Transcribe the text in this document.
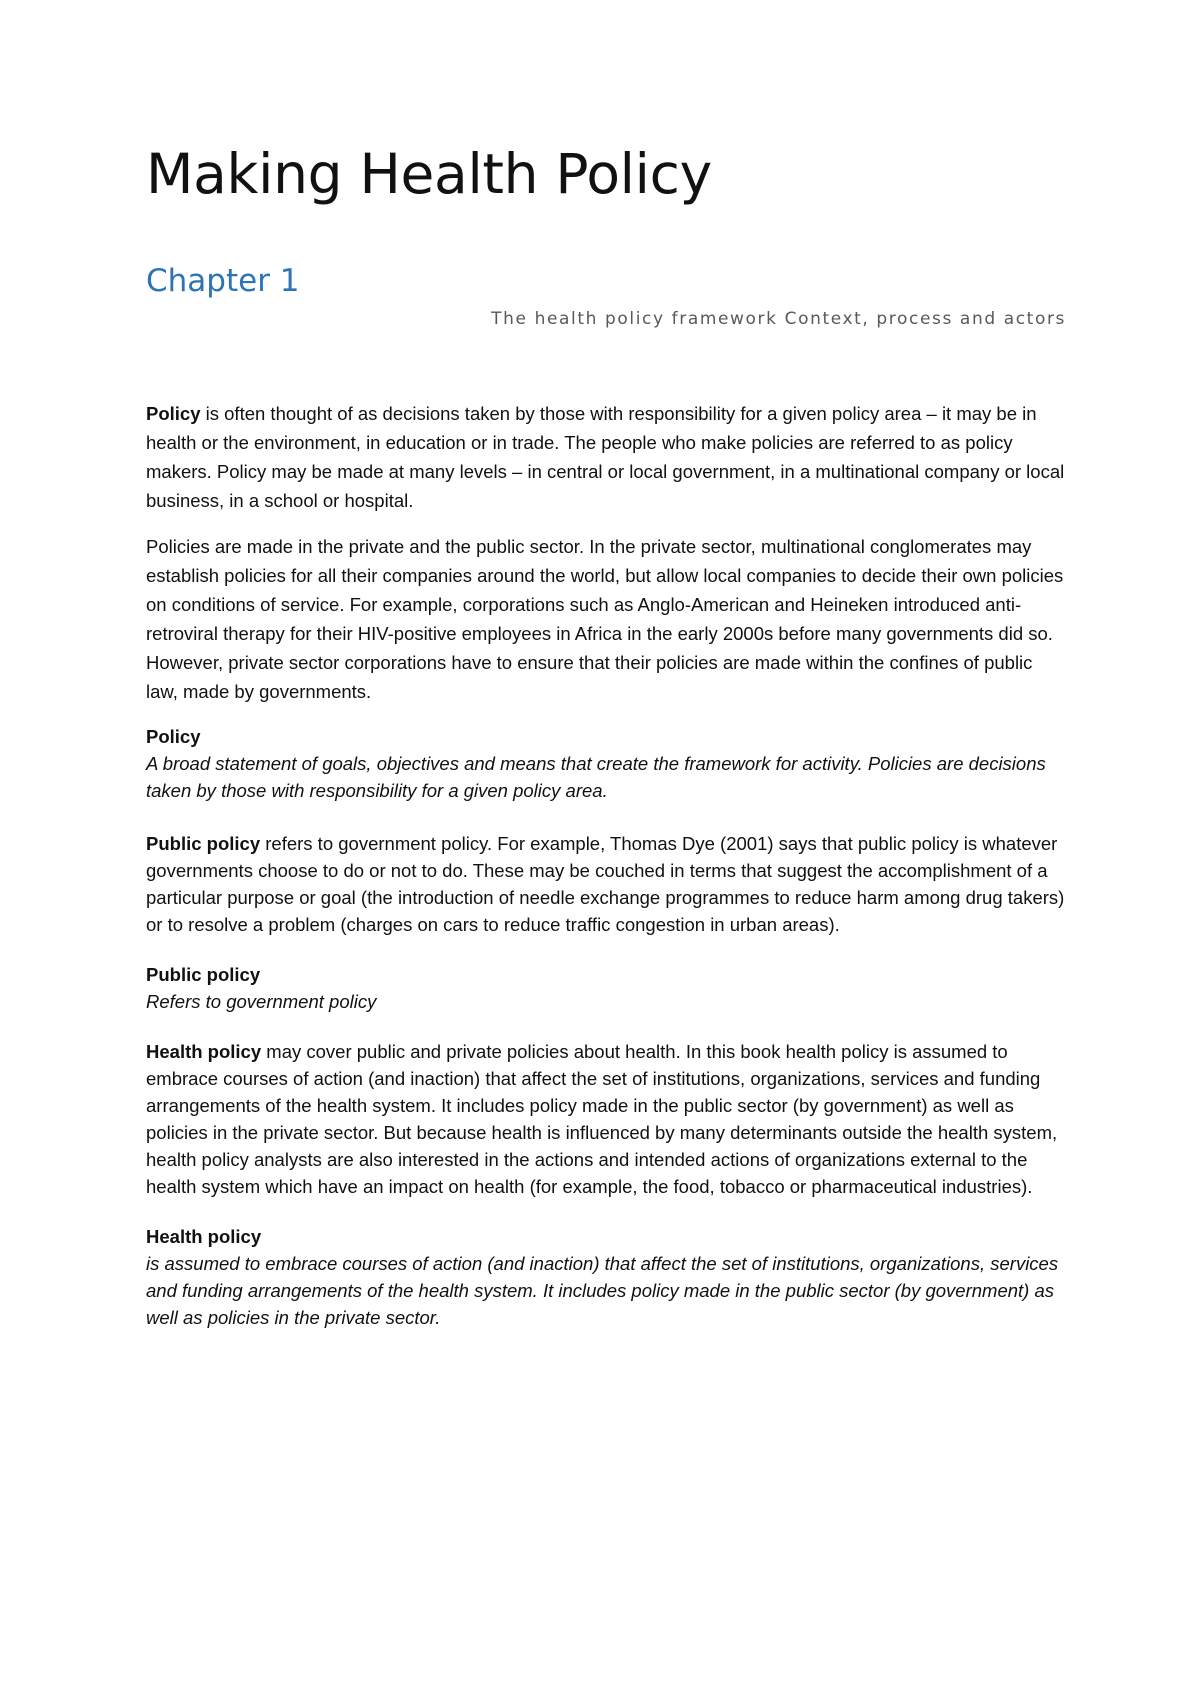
Making Health Policy
Chapter 1
The health policy framework Context, process and actors

Policy is often thought of as decisions taken by those with responsibility for a given policy area – it may be in health or the environment, in education or in trade. The people who make policies are referred to as policy makers. Policy may be made at many levels – in central or local government, in a multinational company or local business, in a school or hospital.

Policies are made in the private and the public sector. In the private sector, multinational conglomerates may establish policies for all their companies around the world, but allow local companies to decide their own policies on conditions of service. For example, corporations such as Anglo-American and Heineken introduced anti-retroviral therapy for their HIV-positive employees in Africa in the early 2000s before many governments did so. However, private sector corporations have to ensure that their policies are made within the confines of public law, made by governments.

Policy
A broad statement of goals, objectives and means that create the framework for activity. Policies are decisions taken by those with responsibility for a given policy area.

Public policy refers to government policy. For example, Thomas Dye (2001) says that public policy is whatever governments choose to do or not to do. These may be couched in terms that suggest the accomplishment of a particular purpose or goal (the introduction of needle exchange programmes to reduce harm among drug takers) or to resolve a problem (charges on cars to reduce traffic congestion in urban areas).

Public policy
Refers to government policy

Health policy may cover public and private policies about health. In this book health policy is assumed to embrace courses of action (and inaction) that affect the set of institutions, organizations, services and funding arrangements of the health system. It includes policy made in the public sector (by government) as well as policies in the private sector. But because health is influenced by many determinants outside the health system, health policy analysts are also interested in the actions and intended actions of organizations external to the health system which have an impact on health (for example, the food, tobacco or pharmaceutical industries).

Health policy
is assumed to embrace courses of action (and inaction) that affect the set of institutions, organizations, services and funding arrangements of the health system. It includes policy made in the public sector (by government) as well as policies in the private sector.
